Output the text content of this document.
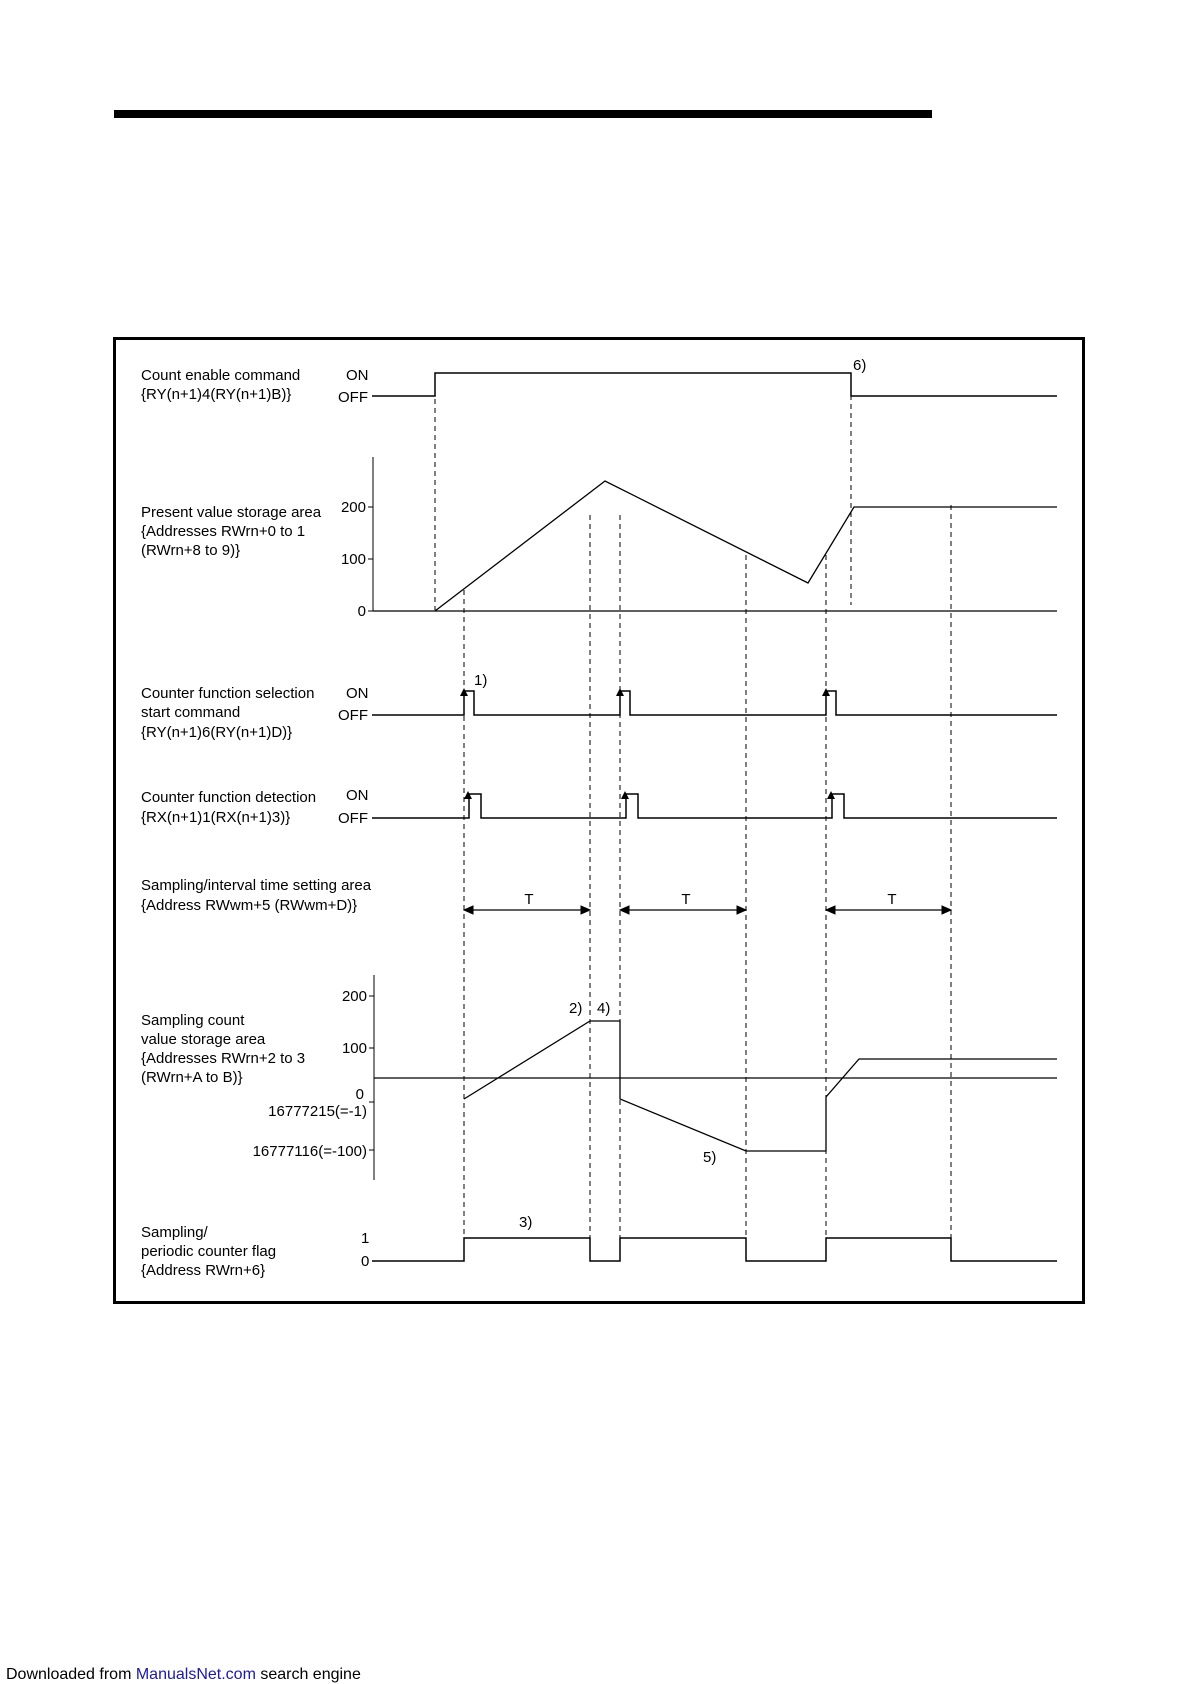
Count enable command
{RY(n+1)4(RY(n+1)B)}
ON
OFF
6)
Present value storage area
{Addresses RWrn+0 to 1
(RWrn+8 to 9)}
200
100
0
Counter function selection
start command
{RY(n+1)6(RY(n+1)D)}
ON
OFF
1)
Counter function detection
{RX(n+1)1(RX(n+1)3)}
ON
OFF
Sampling/interval time setting area
{Address RWwm+5 (RWwm+D)}	T	T	T
Sampling count
value storage area
{Addresses RWrn+2 to 3
(RWrn+A to B)}
200
100
0
16777215(=-1)
16777116(=-100)
2) 4)
5)
Sampling/
periodic counter flag
{Address RWrn+6}
1
0
3)
Downloaded from ManualsNet.com search engine
